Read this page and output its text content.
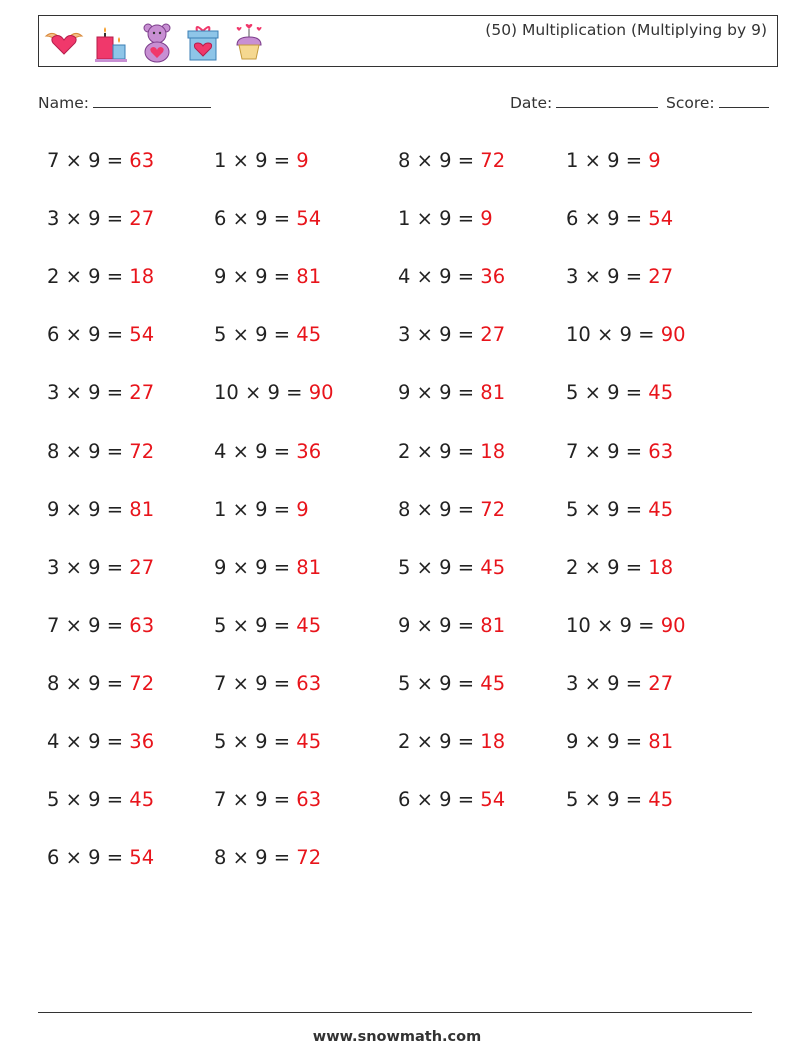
(50) Multiplication (Multiplying by 9)
Name:	Date:	Score:
7 × 9 = 63
3 × 9 = 27
2 × 9 = 18
6 × 9 = 54
3 × 9 = 27
8 × 9 = 72
9 × 9 = 81
3 × 9 = 27
7 × 9 = 63
8 × 9 = 72
4 × 9 = 36
5 × 9 = 45
6 × 9 = 54
1 × 9 = 9
6 × 9 = 54
9 × 9 = 81
5 × 9 = 45
10 × 9 = 90
4 × 9 = 36
1 × 9 = 9
9 × 9 = 81
5 × 9 = 45
7 × 9 = 63
5 × 9 = 45
7 × 9 = 63
8 × 9 = 72
8 × 9 = 72
1 × 9 = 9
4 × 9 = 36
3 × 9 = 27
9 × 9 = 81
2 × 9 = 18
8 × 9 = 72
5 × 9 = 45
9 × 9 = 81
5 × 9 = 45
2 × 9 = 18
6 × 9 = 54
1 × 9 = 9
6 × 9 = 54
3 × 9 = 27
10 × 9 = 90
5 × 9 = 45
7 × 9 = 63
5 × 9 = 45
2 × 9 = 18
10 × 9 = 90
3 × 9 = 27
9 × 9 = 81
5 × 9 = 45
www.snowmath.com
